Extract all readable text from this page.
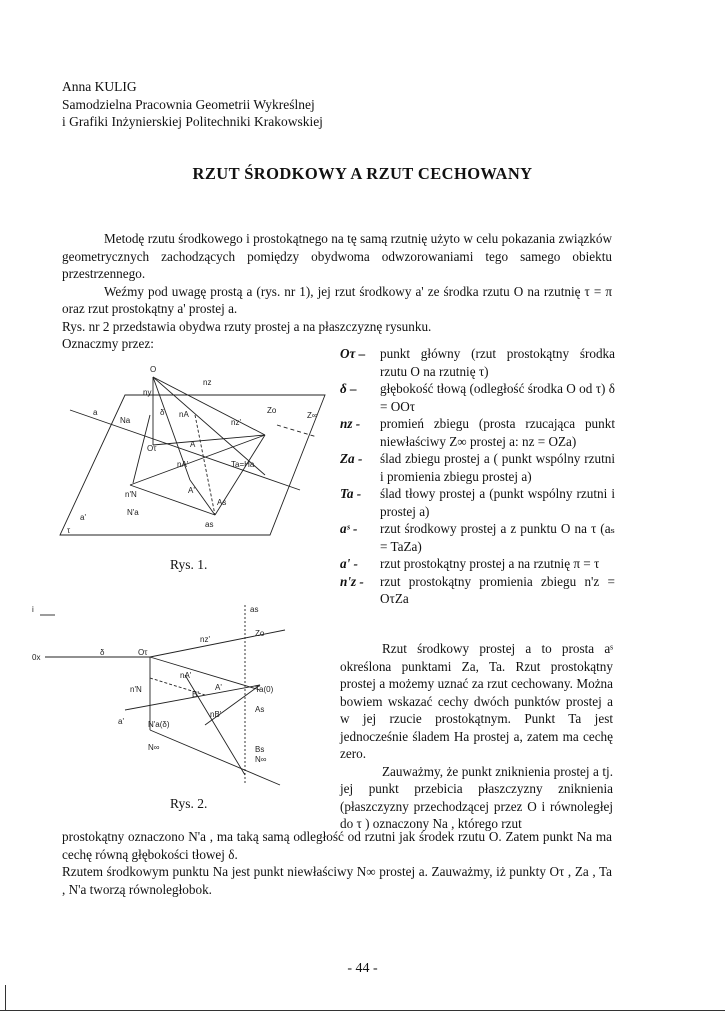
Anna KULIG
Samodzielna Pracownia Geometrii Wykreślnej
i Grafiki Inżynierskiej Politechniki Krakowskiej
RZUT ŚRODKOWY A RZUT CECHOWANY
Metodę rzutu środkowego i prostokątnego na tę samą rzutnię użyto w celu pokazania związków geometrycznych zachodzących pomiędzy obydwoma odwzorowaniami tego samego obiektu przestrzennego.
Weźmy pod uwagę prostą a (rys. nr 1), jej rzut środkowy a' ze środka rzutu O na rzutnię τ = π oraz rzut prostokątny a' prostej a.
Rys. nr 2 przedstawia obydwa rzuty prostej a na płaszczyznę rysunku.
Oznaczmy przez:
O
nz
ny
a
Na
δ nA
nz'
Zo
Z∞
Oτ	A
nA'	Ta=Ha
n'N	A'
As
N'a
a'
as
τ
Rys. 1.
i
0x
δ	Oτ
as
Zo
nz'
nA'
A'
n'N
B'
Ta(0)
nB'
As
a'	N'a(δ)
N∞	Bs
N∞
Rys. 2.
Oτ –	punkt główny (rzut prostokątny środka rzutu O na rzutnię τ)
δ –	głębokość tłową (odległość środka O od τ) δ = OOτ
nz -	promień zbiegu (prosta rzucająca punkt niewłaściwy Z∞ prostej a: nz = OZa)
Za -	ślad zbiegu prostej a ( punkt wspólny rzutni i promienia zbiegu prostej a)
Ta -	ślad tłowy prostej a (punkt wspólny rzutni i prostej a)
aˢ -	rzut środkowy prostej a z punktu O na τ (aₛ = TaZa)
a' -	rzut prostokątny prostej a na rzutnię π = τ
n'z -	rzut prostokątny promienia zbiegu n'z = OτZa
Rzut środkowy prostej a to prosta aˢ określona punktami Za, Ta. Rzut prostokątny prostej a możemy uznać za rzut cechowany. Można bowiem wskazać cechy dwóch punktów prostej a w jej rzucie prostokątnym. Punkt Ta jest jednocześnie śladem Ha prostej a, zatem ma cechę zero.
Zauważmy, że punkt zniknienia prostej a tj. jej punkt przebicia płaszczyzny zniknienia (płaszczyzny przechodzącej przez O i równoległej do τ ) oznaczony Na , którego rzut
prostokątny oznaczono N'a , ma taką samą odległość od rzutni jak środek rzutu O. Zatem punkt Na ma cechę równą głębokości tłowej δ.
Rzutem środkowym punktu Na jest punkt niewłaściwy N∞ prostej a. Zauważmy, iż punkty Oτ , Za , Ta , N'a tworzą równoległobok.
- 44 -
